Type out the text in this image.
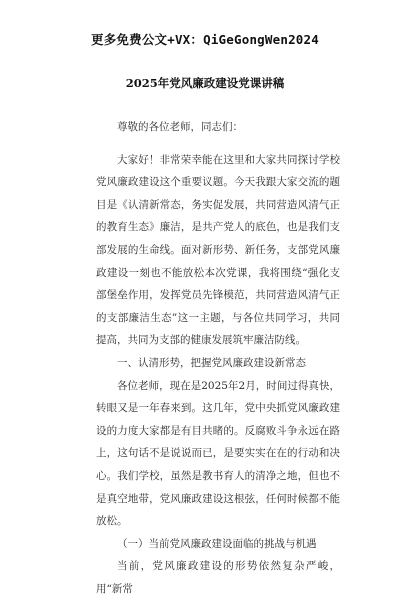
更多免费公文+VX：QiGeGongWen2024
2025年党风廉政建设党课讲稿

尊敬的各位老师，同志们：

大家好！非常荣幸能在这里和大家共同探讨学校党风廉政建设这个重要议题。今天我跟大家交流的题目是《认清新常态，务实促发展，共同营造风清气正的教育生态》廉洁，是共产党人的底色，也是我们支部发展的生命线。面对新形势、新任务，支部党风廉政建设一刻也不能放松本次党课，我将围绕“强化支部堡垒作用，发挥党员先锋模范，共同营造风清气正的支部廉洁生态”这一主题，与各位共同学习，共同提高，共同为支部的健康发展筑牢廉洁防线。

一、认清形势，把握党风廉政建设新常态

各位老师，现在是2025年2月，时间过得真快，转眼又是一年春来到。这几年，党中央抓党风廉政建设的力度大家都是有目共睹的。反腐败斗争永远在路上，这句话不是说说而已，是要实实在在的行动和决心。我们学校，虽然是教书育人的清净之地，但也不是真空地带，党风廉政建设这根弦，任何时候都不能放松。

（一）当前党风廉政建设面临的挑战与机遇

当前，党风廉政建设的形势依然复杂严峻，用“新常
